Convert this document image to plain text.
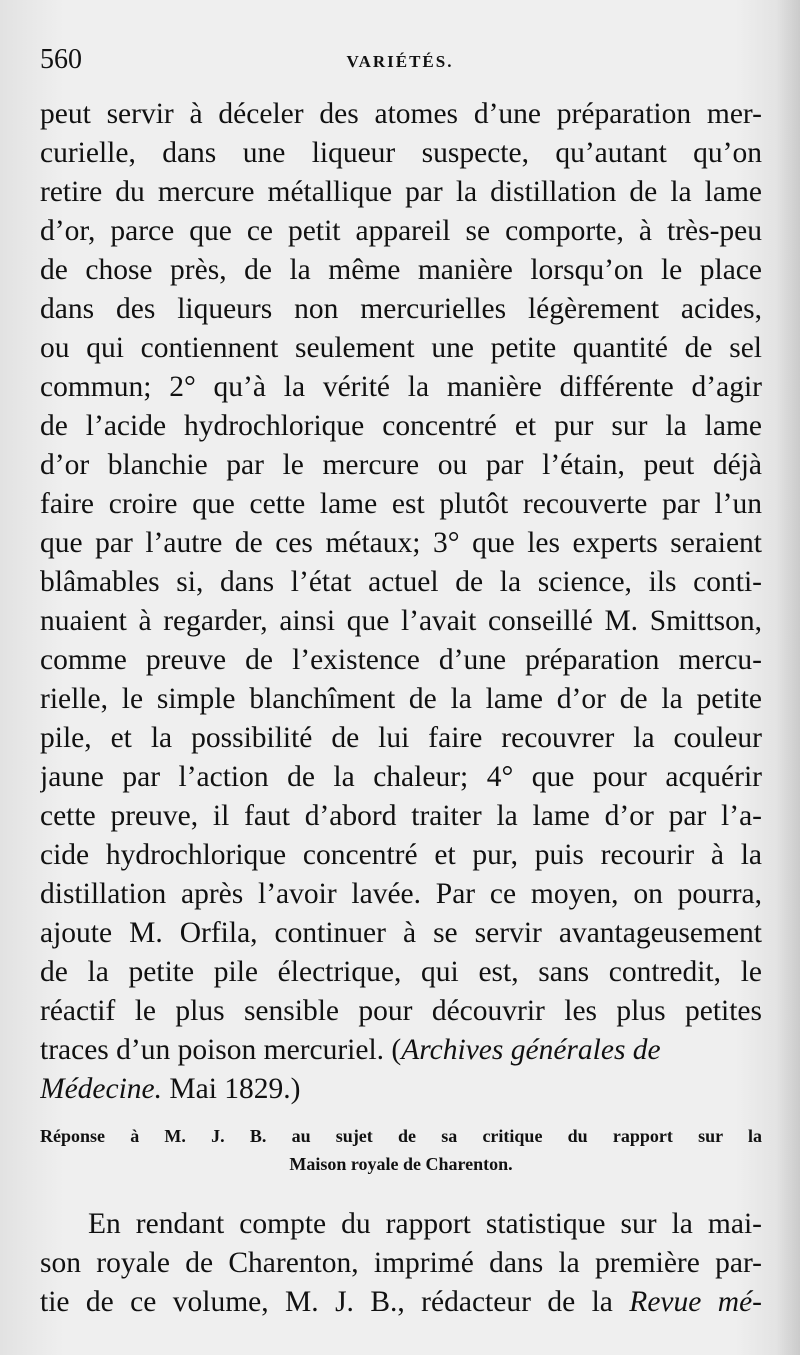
560	VARIÉTÉS.
peut servir à déceler des atomes d’une préparation mer-
curielle, dans une liqueur suspecte, qu’autant qu’on
retire du mercure métallique par la distillation de la lame
d’or, parce que ce petit appareil se comporte, à très-peu
de chose près, de la même manière lorsqu’on le place
dans des liqueurs non mercurielles légèrement acides,
ou qui contiennent seulement une petite quantité de sel
commun; 2° qu’à la vérité la manière différente d’agir
de l’acide hydrochlorique concentré et pur sur la lame
d’or blanchie par le mercure ou par l’étain, peut déjà
faire croire que cette lame est plutôt recouverte par l’un
que par l’autre de ces métaux; 3° que les experts seraient
blâmables si, dans l’état actuel de la science, ils conti-
nuaient à regarder, ainsi que l’avait conseillé M. Smittson,
comme preuve de l’existence d’une préparation mercu-
rielle, le simple blanchîment de la lame d’or de la petite
pile, et la possibilité de lui faire recouvrer la couleur
jaune par l’action de la chaleur; 4° que pour acquérir
cette preuve, il faut d’abord traiter la lame d’or par l’a-
cide hydrochlorique concentré et pur, puis recourir à la
distillation après l’avoir lavée. Par ce moyen, on pourra,
ajoute M. Orfila, continuer à se servir avantageusement
de la petite pile électrique, qui est, sans contredit, le
réactif le plus sensible pour découvrir les plus petites
traces d’un poison mercuriel. (Archives générales de
Médecine. Mai 1829.)
Réponse à M. J. B. au sujet de sa critique du rapport sur la
Maison royale de Charenton.
En rendant compte du rapport statistique sur la mai-
son royale de Charenton, imprimé dans la première par-
tie de ce volume, M. J. B., rédacteur de la Revue mé-
